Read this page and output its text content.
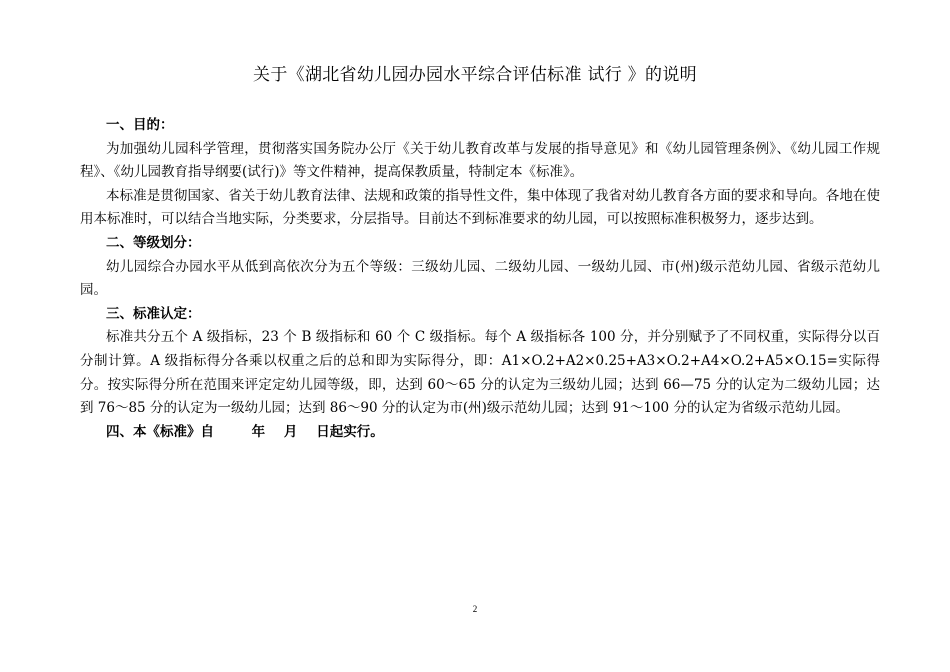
关于《湖北省幼儿园办园水平综合评估标准 试行 》的说明
一、目的：
为加强幼儿园科学管理，贯彻落实国务院办公厅《关于幼儿教育改革与发展的指导意见》和《幼儿园管理条例》、《幼儿园工作规程》、《幼儿园教育指导纲要(试行)》等文件精神，提高保教质量，特制定本《标准》。
本标准是贯彻国家、省关于幼儿教育法律、法规和政策的指导性文件，集中体现了我省对幼儿教育各方面的要求和导向。各地在使用本标准时，可以结合当地实际，分类要求，分层指导。目前达不到标准要求的幼儿园，可以按照标准积极努力，逐步达到。
二、等级划分：
幼儿园综合办园水平从低到高依次分为五个等级：三级幼儿园、二级幼儿园、一级幼儿园、市(州)级示范幼儿园、省级示范幼儿园。
三、标准认定：
标准共分五个 A 级指标，23 个 B 级指标和 60 个 C 级指标。每个 A 级指标各 100 分，并分别赋予了不同权重，实际得分以百分制计算。A 级指标得分各乘以权重之后的总和即为实际得分，即：A1×O.2+A2×0.25+A3×O.2+A4×O.2+A5×O.15=实际得分。按实际得分所在范围来评定定幼儿园等级，即，达到 60～65 分的认定为三级幼儿园；达到 66—75 分的认定为二级幼儿园；达到 76～85 分的认定为一级幼儿园；达到 86～90 分的认定为市(州)级示范幼儿园；达到 91～100 分的认定为省级示范幼儿园。
四、本《标准》自        年    月    日起实行。
2
